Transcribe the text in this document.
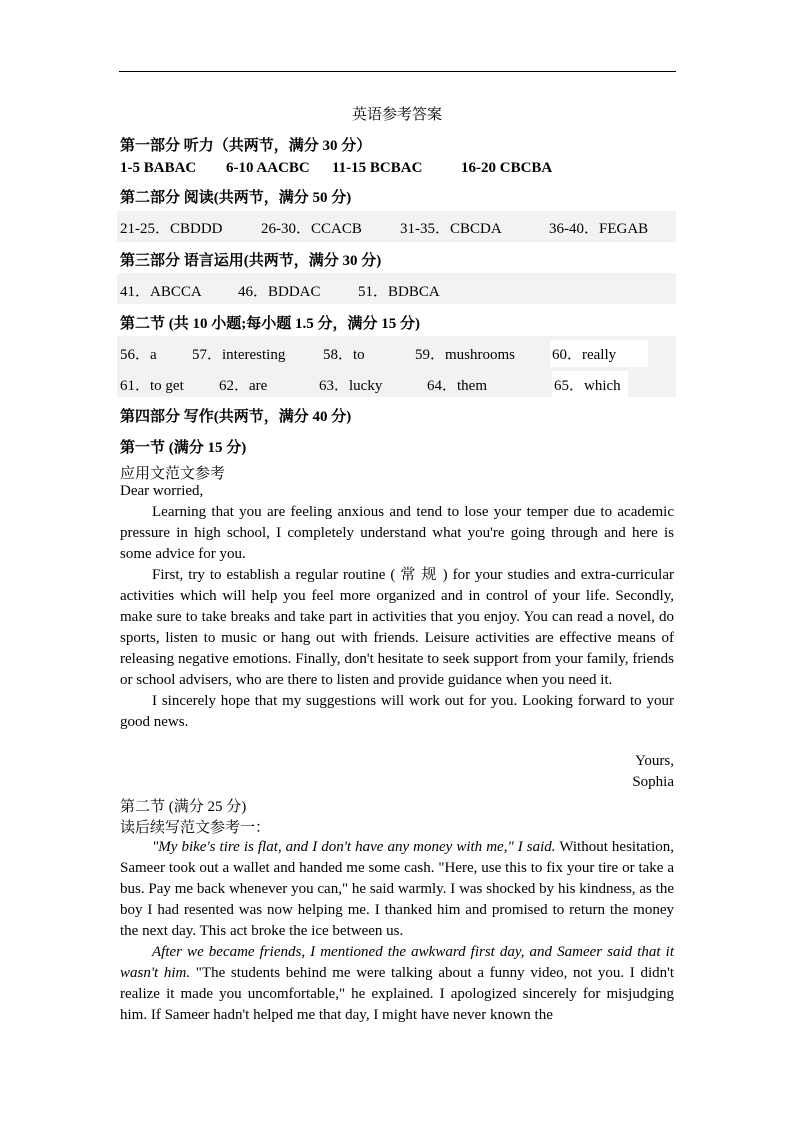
英语参考答案
第一部分 听力（共两节，满分 30 分）
1-5 BABAC 6-10 AACBC 11-15 BCBAC	16-20 CBCBA
第二部分 阅读(共两节，满分 50 分)
21-25．CBDDD	26-30．CCACB	31-35．CBCDA	36-40．FEGAB
第三部分 语言运用(共两节，满分 30 分)
41．ABCCA 46．BDDAC 51．BDBCA
第二节 (共 10 小题;每小题 1.5 分，满分 15 分)
56．a 57．interesting	58．to	59．mushrooms 60．really
61．to get 62．are	63．lucky	64．them	65．which
第四部分 写作(共两节，满分 40 分)
第一节 (满分 15 分)
应用文范文参考

Dear worried,

Learning that you are feeling anxious and tend to lose your temper due to academic pressure in high school, I completely understand what you're going through and here is some advice for you.

First, try to establish a regular routine ( 常 规 ) for your studies and extra-curricular activities which will help you feel more organized and in control of your life. Secondly, make sure to take breaks and take part in activities that you enjoy. You can read a novel, do sports, listen to music or hang out with friends. Leisure activities are effective means of releasing negative emotions. Finally, don't hesitate to seek support from your family, friends or school advisers, who are there to listen and provide guidance when you need it.

I sincerely hope that my suggestions will work out for you. Looking forward to your good news.

Yours,
Sophia
第二节 (满分 25 分)
读后续写范文参考一：

"My bike's tire is flat, and I don't have any money with me," I said. Without hesitation, Sameer took out a wallet and handed me some cash. "Here, use this to fix your tire or take a bus. Pay me back whenever you can," he said warmly. I was shocked by his kindness, as the boy I had resented was now helping me. I thanked him and promised to return the money the next day. This act broke the ice between us.

After we became friends, I mentioned the awkward first day, and Sameer said that it wasn't him. "The students behind me were talking about a funny video, not you. I didn't realize it made you uncomfortable," he explained. I apologized sincerely for misjudging him. If Sameer hadn't helped me that day, I might have never known the
